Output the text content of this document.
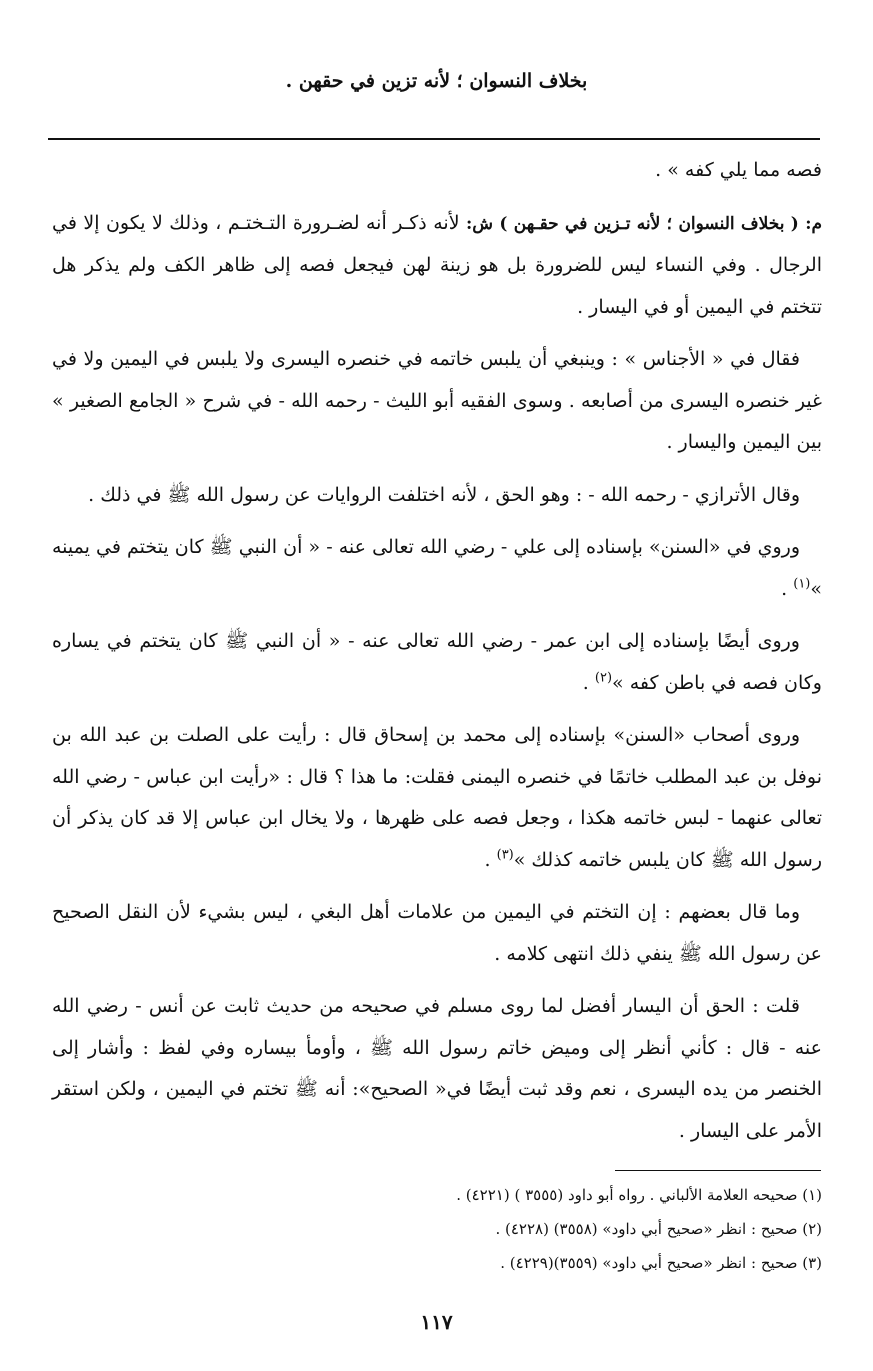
بخلاف النسوان ؛ لأنه تزين في حقهن .

فصه مما يلي كفه » .

م: ( بخلاف النسوان ؛ لأنه تـزين في حقـهن ) ش: لأنه ذكـر أنه لضـرورة التـختـم ، وذلك لا يكون إلا في الرجال . وفي النساء ليس للضرورة بل هو زينة لهن فيجعل فصه إلى ظاهر الكف ولم يذكر هل تتختم في اليمين أو في اليسار .

فقال في « الأجناس » : وينبغي أن يلبس خاتمه في خنصره اليسرى ولا يلبس في اليمين ولا في غير خنصره اليسرى من أصابعه . وسوى الفقيه أبو الليث - رحمه الله - في شرح « الجامع الصغير » بين اليمين واليسار .

وقال الأترازي - رحمه الله - : وهو الحق ، لأنه اختلفت الروايات عن رسول الله ﷺ في ذلك .

وروي في «السنن» بإسناده إلى علي - رضي الله تعالى عنه - « أن النبي ﷺ كان يتختم في يمينه »$^{(١)}$ .

وروى أيضًا بإسناده إلى ابن عمر - رضي الله تعالى عنه - « أن النبي ﷺ كان يتختم في يساره وكان فصه في باطن كفه »$^{(٢)}$ .

وروى أصحاب «السنن» بإسناده إلى محمد بن إسحاق قال : رأيت على الصلت بن عبد الله بن نوفل بن عبد المطلب خاتمًا في خنصره اليمنى فقلت: ما هذا ؟ قال : «رأيت ابن عباس - رضي الله تعالى عنهما - لبس خاتمه هكذا ، وجعل فصه على ظهرها ، ولا يخال ابن عباس إلا قد كان يذكر أن رسول الله ﷺ كان يلبس خاتمه كذلك »$^{(٣)}$ .

وما قال بعضهم : إن التختم في اليمين من علامات أهل البغي ، ليس بشيء لأن النقل الصحيح عن رسول الله ﷺ ينفي ذلك انتهى كلامه .

قلت : الحق أن اليسار أفضل لما روى مسلم في صحيحه من حديث ثابت عن أنس - رضي الله عنه - قال : كأني أنظر إلى وميض خاتم رسول الله ﷺ ، وأومأ بيساره وفي لفظ : وأشار إلى الخنصر من يده اليسرى ، نعم وقد ثبت أيضًا في« الصحيح»: أنه ﷺ تختم في اليمين ، ولكن استقر الأمر على اليسار .

(١) صحيحه العلامة الألباني . رواه أبو داود (٣٥٥٥ ) (٤٢٢١) .
(٢) صحيح : انظر «صحيح أبي داود» (٣٥٥٨) (٤٢٢٨) .
(٣) صحيح : انظر «صحيح أبي داود» (٣٥٥٩)(٤٢٢٩) .
١١٧
